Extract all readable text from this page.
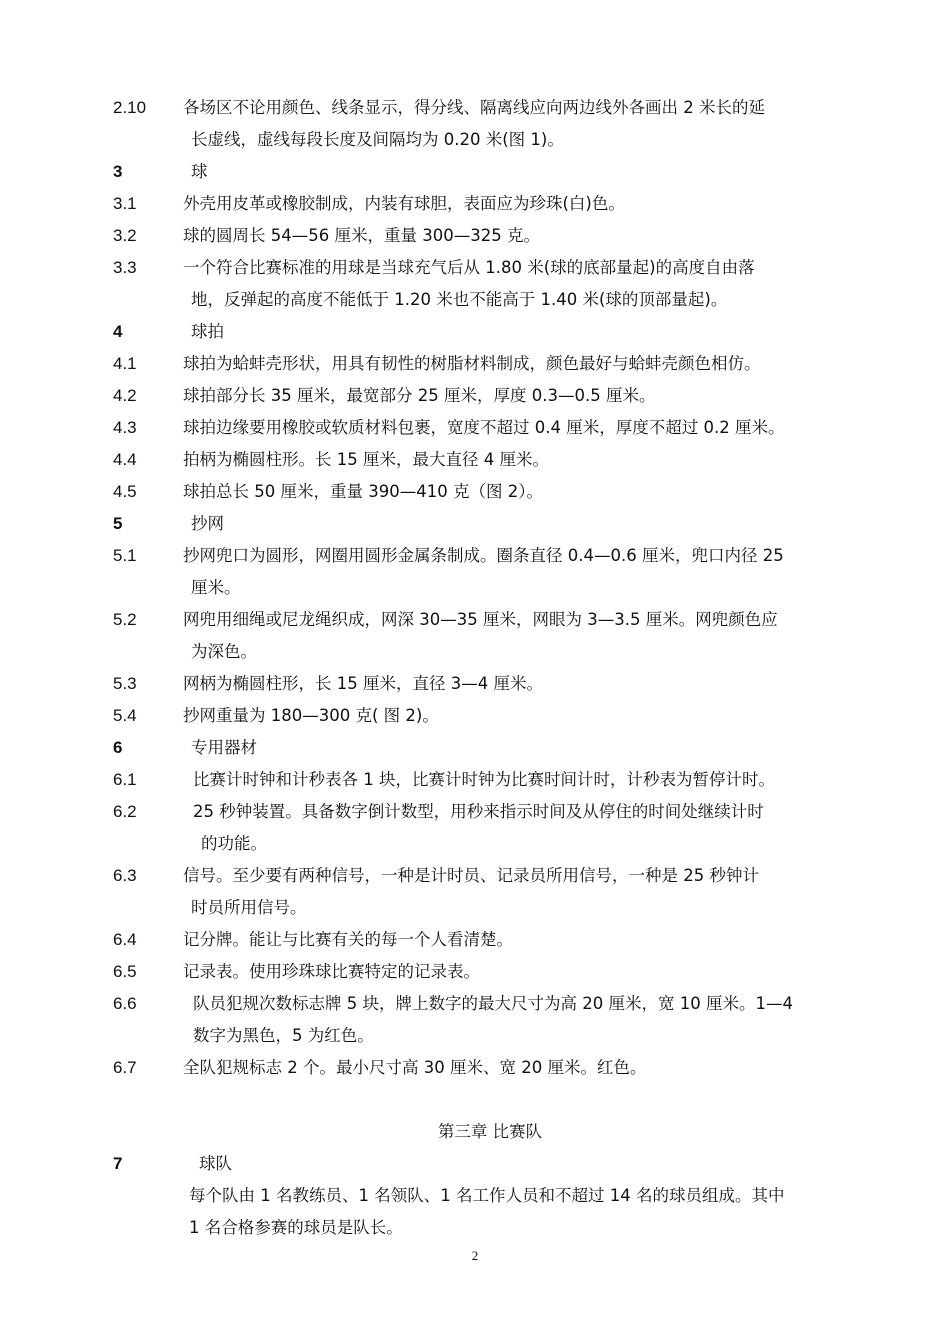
2.10 各场区不论用颜色、线条显示，得分线、隔离线应向两边线外各画出 2 米长的延
长虚线，虚线每段长度及间隔均为 0.20 米(图 1)。
3	球
3.1	外壳用皮革或橡胶制成，内装有球胆，表面应为珍珠(白)色。
3.2	球的圆周长 54—56 厘米，重量 300—325 克。
3.3	一个符合比赛标准的用球是当球充气后从 1.80 米(球的底部量起)的高度自由落
地，反弹起的高度不能低于 1.20 米也不能高于 1.40 米(球的顶部量起)。
4	球拍
4.1	球拍为蛤蚌壳形状，用具有韧性的树脂材料制成，颜色最好与蛤蚌壳颜色相仿。
4.2	球拍部分长 35 厘米，最宽部分 25 厘米，厚度 0.3—0.5 厘米。
4.3	球拍边缘要用橡胶或软质材料包裹，宽度不超过 0.4 厘米，厚度不超过 0.2 厘米。
4.4	拍柄为椭圆柱形。长 15 厘米，最大直径 4 厘米。
4.5	球拍总长 50 厘米，重量 390—410 克（图 2）。
5	抄网
5.1	抄网兜口为圆形，网圈用圆形金属条制成。圈条直径 0.4—0.6 厘米，兜口内径 25
厘米。
5.2	网兜用细绳或尼龙绳织成，网深 30—35 厘米，网眼为 3—3.5 厘米。网兜颜色应
为深色。
5.3	网柄为椭圆柱形，长 15 厘米，直径 3—4 厘米。
5.4	抄网重量为 180—300 克( 图 2)。
6	专用器材
6.1	比赛计时钟和计秒表各 1 块，比赛计时钟为比赛时间计时，计秒表为暂停计时。
6.2	25 秒钟装置。具备数字倒计数型，用秒来指示时间及从停住的时间处继续计时
的功能。
6.3	信号。至少要有两种信号，一种是计时员、记录员所用信号，一种是 25 秒钟计
时员所用信号。
6.4	记分牌。能让与比赛有关的每一个人看清楚。
6.5	记录表。使用珍珠球比赛特定的记录表。
6.6	队员犯规次数标志牌 5 块，牌上数字的最大尺寸为高 20 厘米，宽 10 厘米。1—4
数字为黑色，5 为红色。
6.7	全队犯规标志 2 个。最小尺寸高 30 厘米、宽 20 厘米。红色。
第三章 比赛队
7	球队
每个队由 1 名教练员、1 名领队、1 名工作人员和不超过 14 名的球员组成。其中
1 名合格参赛的球员是队长。
2
